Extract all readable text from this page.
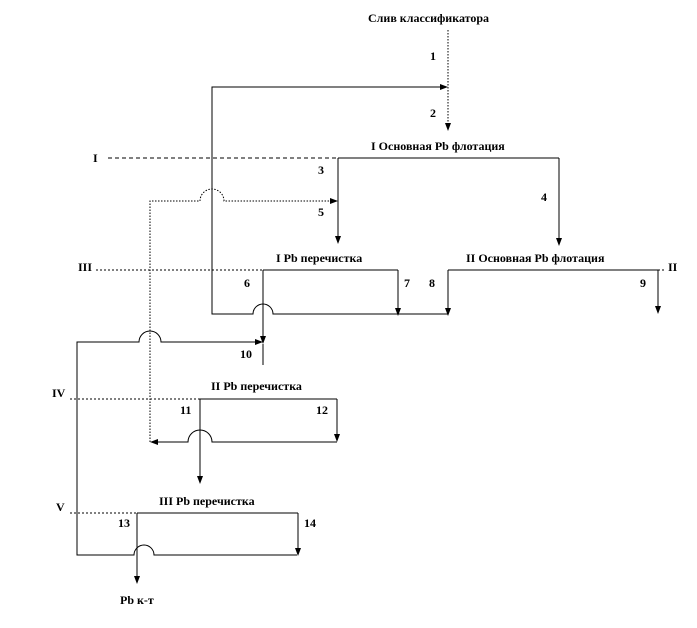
Слив классификатора
1
2
I
I Основная Pb флотация
3
5
4
III
I Pb перечистка
6	7
II Основная Pb флотация
II
8	9
10
IV	II Pb перечистка
11	12
V	III Pb перечистка
13	14
Pb к-т
